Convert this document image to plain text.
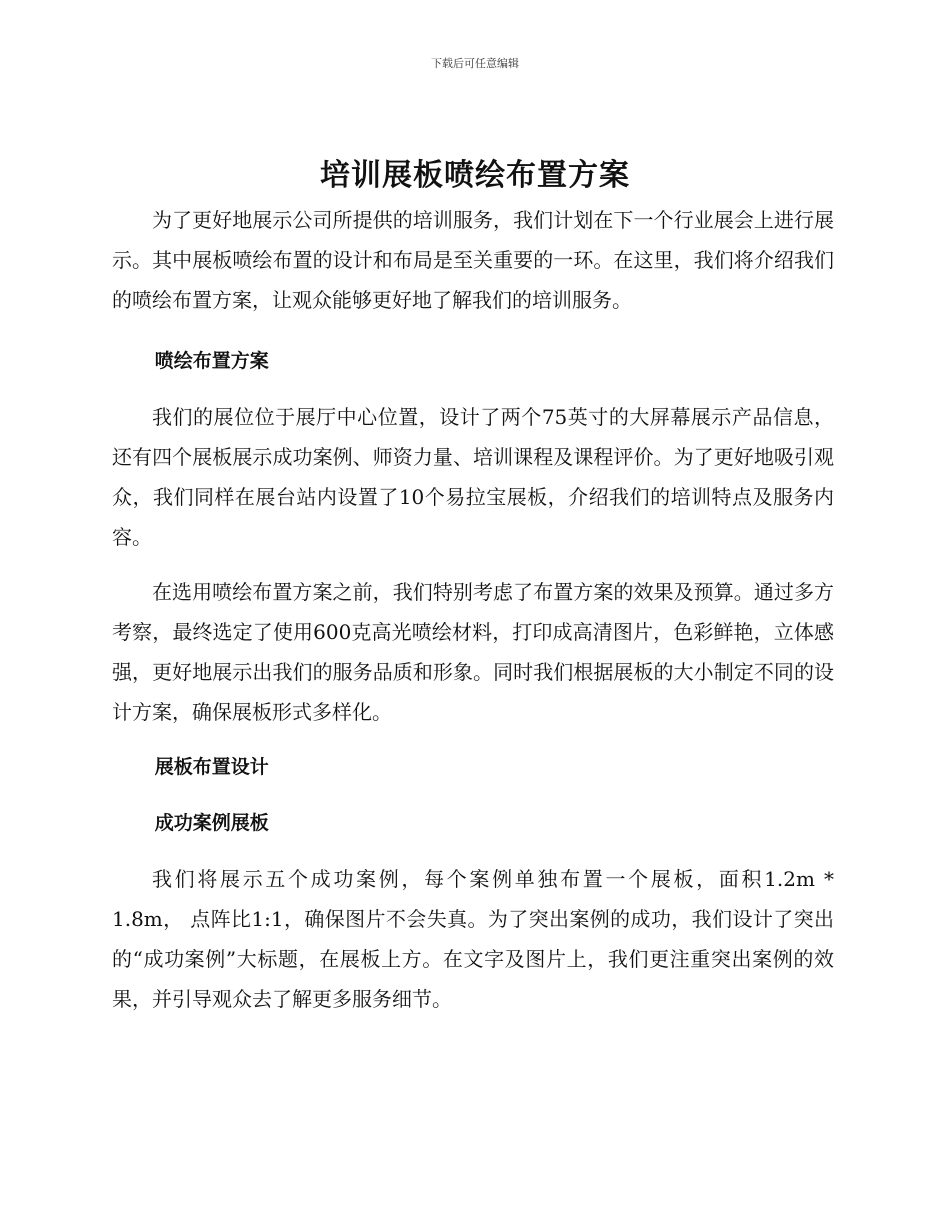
下载后可任意编辑
培训展板喷绘布置方案

为了更好地展示公司所提供的培训服务，我们计划在下一个行业展会上进行展示。其中展板喷绘布置的设计和布局是至关重要的一环。在这里，我们将介绍我们的喷绘布置方案，让观众能够更好地了解我们的培训服务。

喷绘布置方案

我们的展位位于展厅中心位置，设计了两个75英寸的大屏幕展示产品信息，还有四个展板展示成功案例、师资力量、培训课程及课程评价。为了更好地吸引观众，我们同样在展台站内设置了10个易拉宝展板，介绍我们的培训特点及服务内容。

在选用喷绘布置方案之前，我们特别考虑了布置方案的效果及预算。通过多方考察，最终选定了使用600克高光喷绘材料，打印成高清图片，色彩鲜艳，立体感强，更好地展示出我们的服务品质和形象。同时我们根据展板的大小制定不同的设计方案，确保展板形式多样化。

展板布置设计
成功案例展板

我们将展示五个成功案例，每个案例单独布置一个展板，面积1.2m * 1.8m， 点阵比1:1，确保图片不会失真。为了突出案例的成功，我们设计了突出的“成功案例”大标题，在展板上方。在文字及图片上，我们更注重突出案例的效果，并引导观众去了解更多服务细节。
